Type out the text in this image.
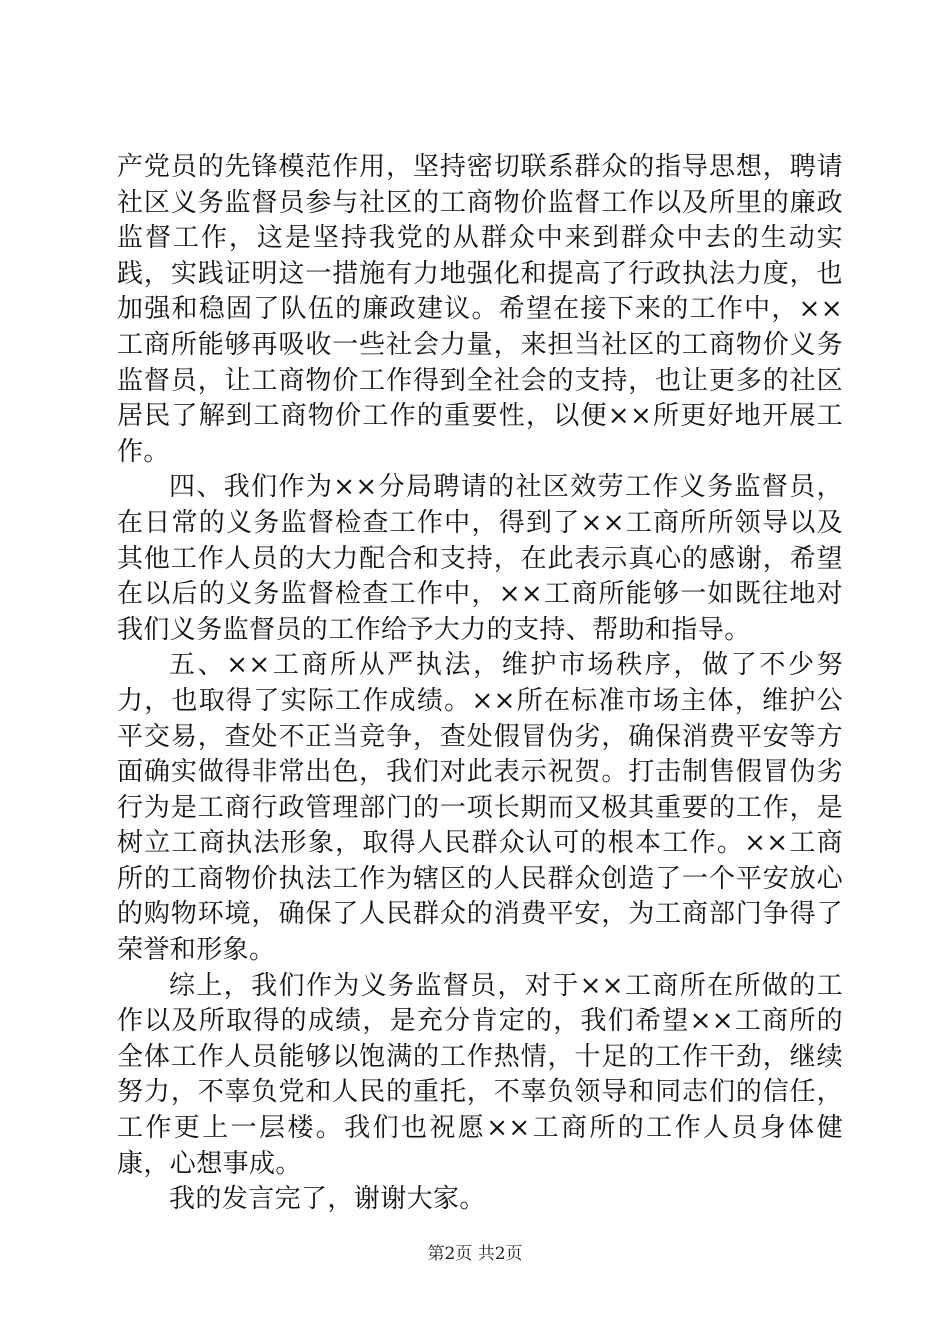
产党员的先锋模范作用，坚持密切联系群众的指导思想，聘请社区义务监督员参与社区的工商物价监督工作以及所里的廉政监督工作，这是坚持我党的从群众中来到群众中去的生动实践，实践证明这一措施有力地强化和提高了行政执法力度，也加强和稳固了队伍的廉政建议。希望在接下来的工作中，××工商所能够再吸收一些社会力量，来担当社区的工商物价义务监督员，让工商物价工作得到全社会的支持，也让更多的社区居民了解到工商物价工作的重要性，以便××所更好地开展工作。

四、我们作为××分局聘请的社区效劳工作义务监督员，在日常的义务监督检查工作中，得到了××工商所所领导以及其他工作人员的大力配合和支持，在此表示真心的感谢，希望在以后的义务监督检查工作中，××工商所能够一如既往地对我们义务监督员的工作给予大力的支持、帮助和指导。

五、××工商所从严执法，维护市场秩序，做了不少努力，也取得了实际工作成绩。××所在标准市场主体，维护公平交易，查处不正当竞争，查处假冒伪劣，确保消费平安等方面确实做得非常出色，我们对此表示祝贺。打击制售假冒伪劣行为是工商行政管理部门的一项长期而又极其重要的工作，是树立工商执法形象，取得人民群众认可的根本工作。××工商所的工商物价执法工作为辖区的人民群众创造了一个平安放心的购物环境，确保了人民群众的消费平安，为工商部门争得了荣誉和形象。

综上，我们作为义务监督员，对于××工商所在所做的工作以及所取得的成绩，是充分肯定的，我们希望××工商所的全体工作人员能够以饱满的工作热情，十足的工作干劲，继续努力，不辜负党和人民的重托，不辜负领导和同志们的信任，工作更上一层楼。我们也祝愿××工商所的工作人员身体健康，心想事成。

我的发言完了，谢谢大家。

第2页 共2页
